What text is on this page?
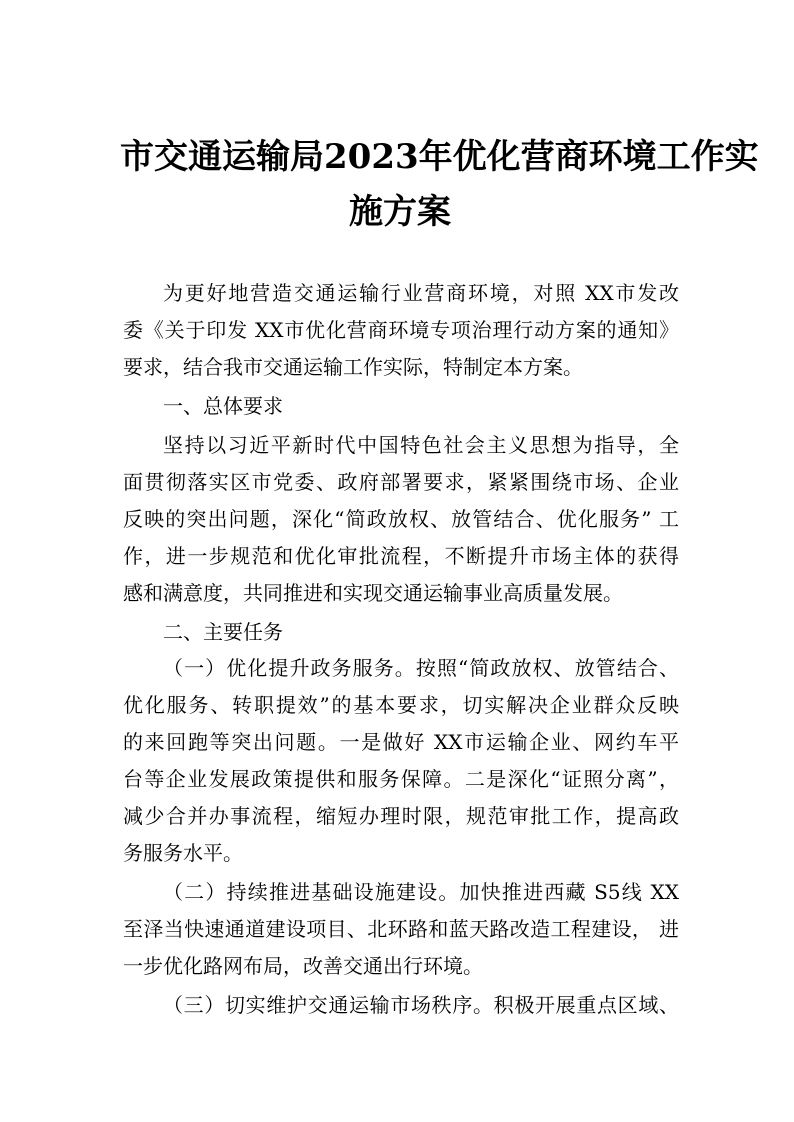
市交通运输局2023年优化营商环境工作实
施方案
为更好地营造交通运输行业营商环境，对照 XX市发改
委《关于印发 XX市优化营商环境专项治理行动方案的通知》
要求，结合我市交通运输工作实际，特制定本方案。
一、总体要求
坚持以习近平新时代中国特色社会主义思想为指导，全
面贯彻落实区市党委、政府部署要求，紧紧围绕市场、企业
反映的突出问题，深化“简政放权、放管结合、优化服务” 工
作，进一步规范和优化审批流程，不断提升市场主体的获得
感和满意度，共同推进和实现交通运输事业高质量发展。
二、主要任务
（一）优化提升政务服务。按照“简政放权、放管结合、
优化服务、转职提效”的基本要求，切实解决企业群众反映
的来回跑等突出问题。一是做好 XX市运输企业、网约车平
台等企业发展政策提供和服务保障。二是深化“证照分离”，
减少合并办事流程，缩短办理时限，规范审批工作，提高政
务服务水平。
（二）持续推进基础设施建设。加快推进西藏 S5线 XX
至泽当快速通道建设项目、北环路和蓝天路改造工程建设， 进
一步优化路网布局，改善交通出行环境。
（三）切实维护交通运输市场秩序。积极开展重点区域、
